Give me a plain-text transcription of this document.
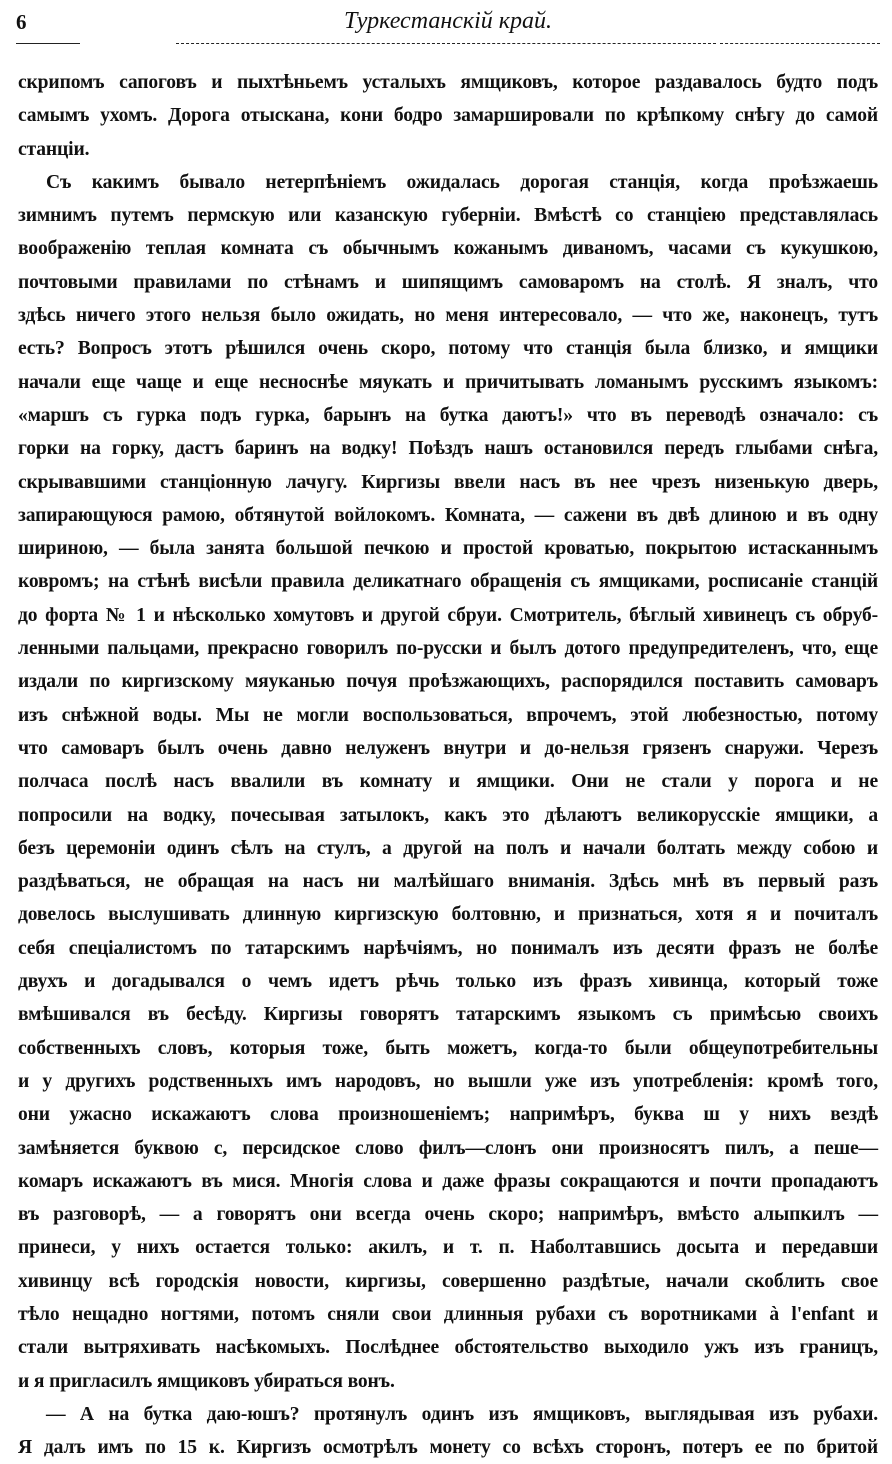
6	Туркестанскій край.
скрипомъ сапоговъ и пыхтѣньемъ усталыхъ ямщиковъ, которое раздавалось будто подъ
самымъ ухомъ. Дорога отыскана, кони бодро замаршировали по крѣпкому снѣгу до самой
станціи.
Съ какимъ бывало нетерпѣніемъ ожидалась дорогая станція, когда проѣзжаешь
зимнимъ путемъ пермскую или казанскую губерніи. Вмѣстѣ со станціею представлялась
воображенію теплая комната съ обычнымъ кожанымъ диваномъ, часами съ кукушкою,
почтовыми правилами по стѣнамъ и шипящимъ самоваромъ на столѣ. Я зналъ, что
здѣсь ничего этого нельзя было ожидать, но меня интересовало, — что же, наконецъ, тутъ
есть? Вопросъ этотъ рѣшился очень скоро, потому что станція была близко, и ямщики
начали еще чаще и еще несноснѣе мяукать и причитывать ломанымъ русскимъ языкомъ:
«маршъ съ гурка подъ гурка, барынъ на бутка даютъ!» что въ переводѣ означало: съ
горки на горку, дастъ баринъ на водку! Поѣздъ нашъ остановился передъ глыбами снѣга,
скрывавшими станціонную лачугу. Киргизы ввели насъ въ нее чрезъ низенькую дверь,
запирающуюся рамою, обтянутой войлокомъ. Комната, — сажени въ двѣ длиною и въ одну
шириною, — была занята большой печкою и простой кроватью, покрытою истасканнымъ
ковромъ; на стѣнѣ висѣли правила деликатнаго обращенія съ ямщиками, росписаніе станцій
до форта № 1 и нѣсколько хомутовъ и другой сбруи. Смотритель, бѣглый хивинецъ съ обруб-
ленными пальцами, прекрасно говорилъ по-русски и былъ дотого предупредителенъ, что, еще
издали по киргизскому мяуканью почуя проѣзжающихъ, распорядился поставить самоваръ
изъ снѣжной воды. Мы не могли воспользоваться, впрочемъ, этой любезностью, потому
что самоваръ былъ очень давно нелуженъ внутри и до-нельзя грязенъ снаружи. Черезъ
полчаса послѣ насъ ввалили въ комнату и ямщики. Они не стали у порога и не
попросили на водку, почесывая затылокъ, какъ это дѣлаютъ великорусскіе ямщики, а
безъ церемоніи одинъ сѣлъ на стулъ, а другой на полъ и начали болтать между собою и
раздѣваться, не обращая на насъ ни малѣйшаго вниманія. Здѣсь мнѣ въ первый разъ
довелось выслушивать длинную киргизскую болтовню, и признаться, хотя я и почиталъ
себя спеціалистомъ по татарскимъ нарѣчіямъ, но понималъ изъ десяти фразъ не болѣе
двухъ и догадывался о чемъ идетъ рѣчь только изъ фразъ хивинца, который тоже
вмѣшивался въ бесѣду. Киргизы говорятъ татарскимъ языкомъ съ примѣсью своихъ
собственныхъ словъ, которыя тоже, быть можетъ, когда-то были общеупотребительны
и у другихъ родственныхъ имъ народовъ, но вышли уже изъ употребленія: кромѣ того,
они ужасно искажаютъ слова произношеніемъ; напримѣръ, буква ш у нихъ вездѣ
замѣняется буквою с, персидское слово филъ—слонъ они произносятъ пилъ, а пеше—
комаръ искажаютъ въ мися. Многія слова и даже фразы сокращаются и почти пропадаютъ
въ разговорѣ, — а говорятъ они всегда очень скоро; напримѣръ, вмѣсто алыпкилъ —
принеси, у нихъ остается только: акилъ, и т. п. Наболтавшись досыта и передавши
хивинцу всѣ городскія новости, киргизы, совершенно раздѣтые, начали скоблить свое
тѣло нещадно ногтями, потомъ сняли свои длинныя рубахи съ воротниками à l'enfant и
стали вытряхивать насѣкомыхъ. Послѣднее обстоятельство выходило ужъ изъ границъ,
и я пригласилъ ямщиковъ убираться вонъ.
— А на бутка даю-юшъ? протянулъ одинъ изъ ямщиковъ, выглядывая изъ рубахи.
Я далъ имъ по 15 к. Киргизъ осмотрѣлъ монету со всѣхъ сторонъ, потеръ ее по бритой
